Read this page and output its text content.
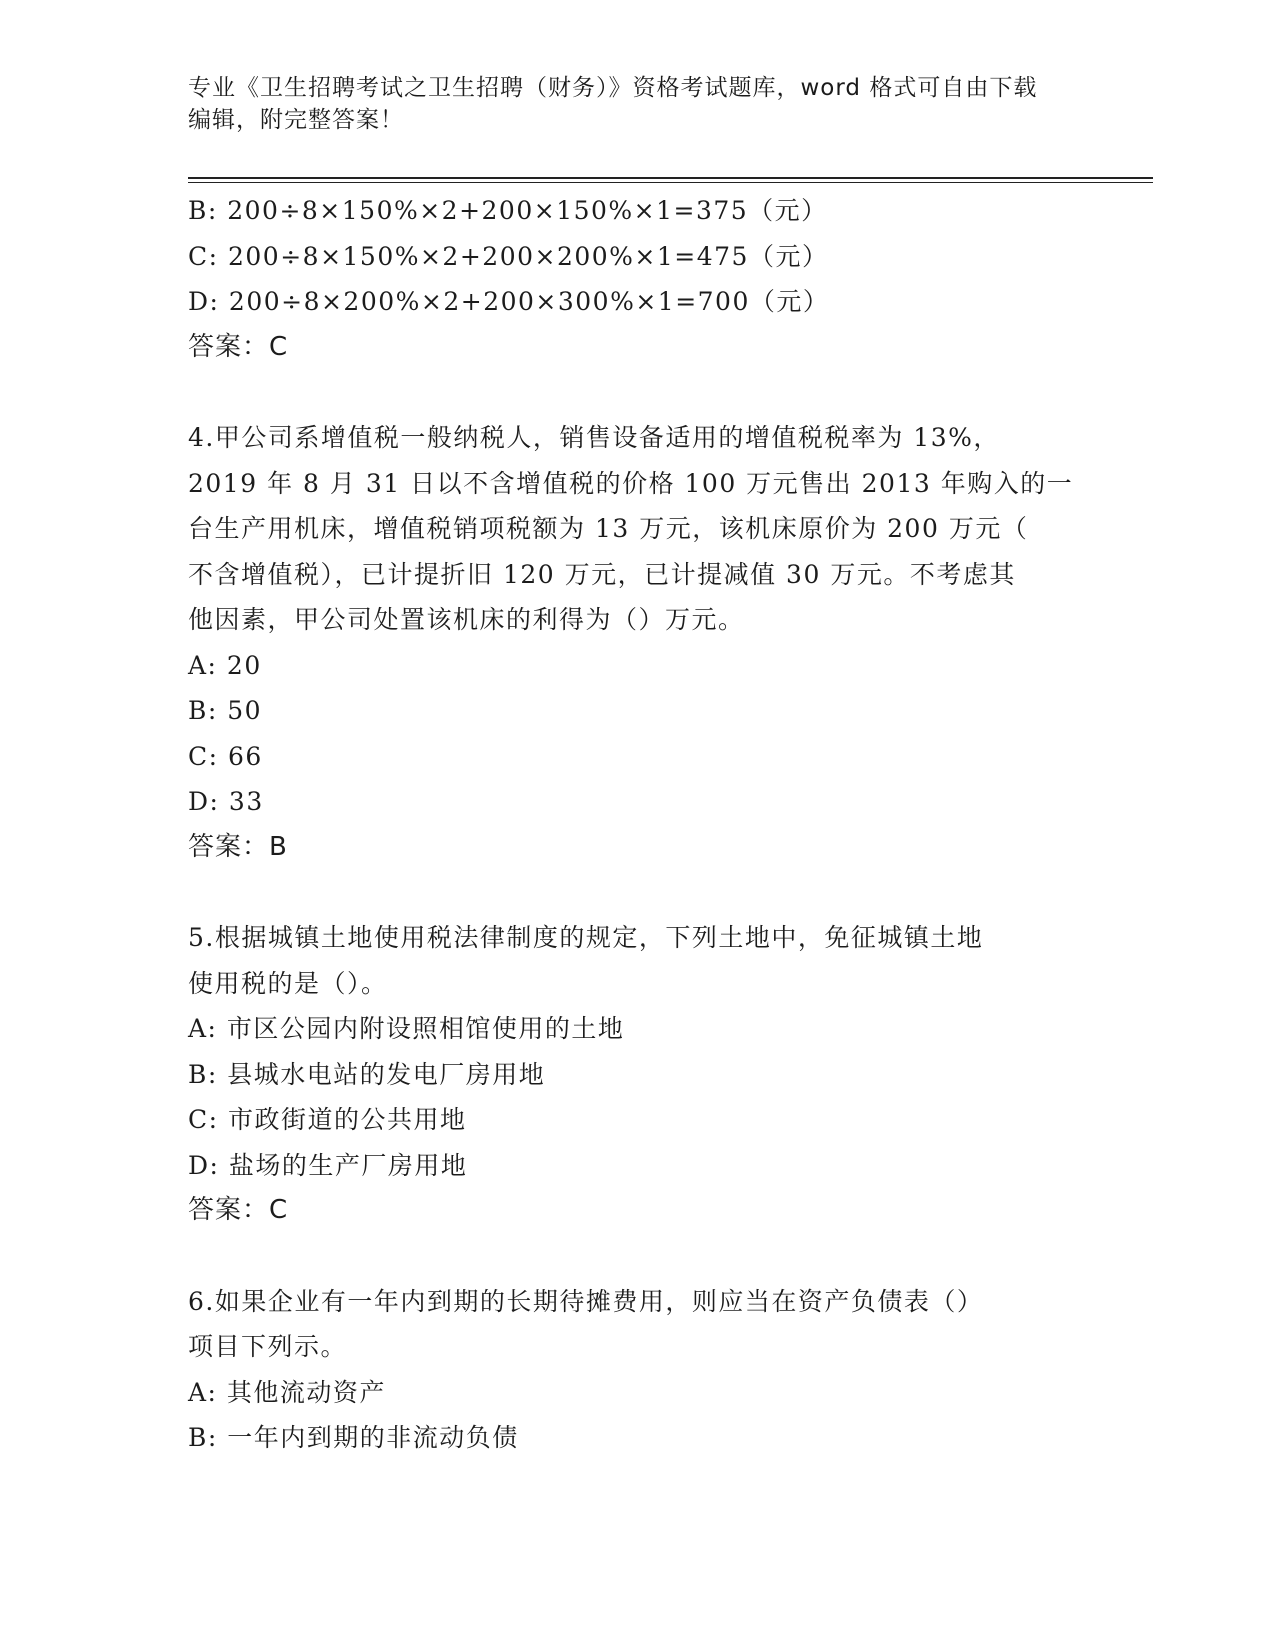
专业《卫生招聘考试之卫生招聘（财务）》资格考试题库，word 格式可自由下载
编辑，附完整答案！
B: 200÷8×150%×2+200×150%×1=375（元）
C: 200÷8×150%×2+200×200%×1=475（元）
D: 200÷8×200%×2+200×300%×1=700（元）
答案：C
4.甲公司系增值税一般纳税人，销售设备适用的增值税税率为 13%，
2019 年 8 月 31 日以不含增值税的价格 100 万元售出 2013 年购入的一
台生产用机床，增值税销项税额为 13 万元，该机床原价为 200 万元（
不含增值税），已计提折旧 120 万元，已计提减值 30 万元。不考虑其
他因素，甲公司处置该机床的利得为（）万元。
A: 20
B: 50
C: 66
D: 33
答案：B
5.根据城镇土地使用税法律制度的规定，下列土地中，免征城镇土地
使用税的是（）。
A: 市区公园内附设照相馆使用的土地
B: 县城水电站的发电厂房用地
C: 市政街道的公共用地
D: 盐场的生产厂房用地
答案：C
6.如果企业有一年内到期的长期待摊费用，则应当在资产负债表（）
项目下列示。
A: 其他流动资产
B: 一年内到期的非流动负债
